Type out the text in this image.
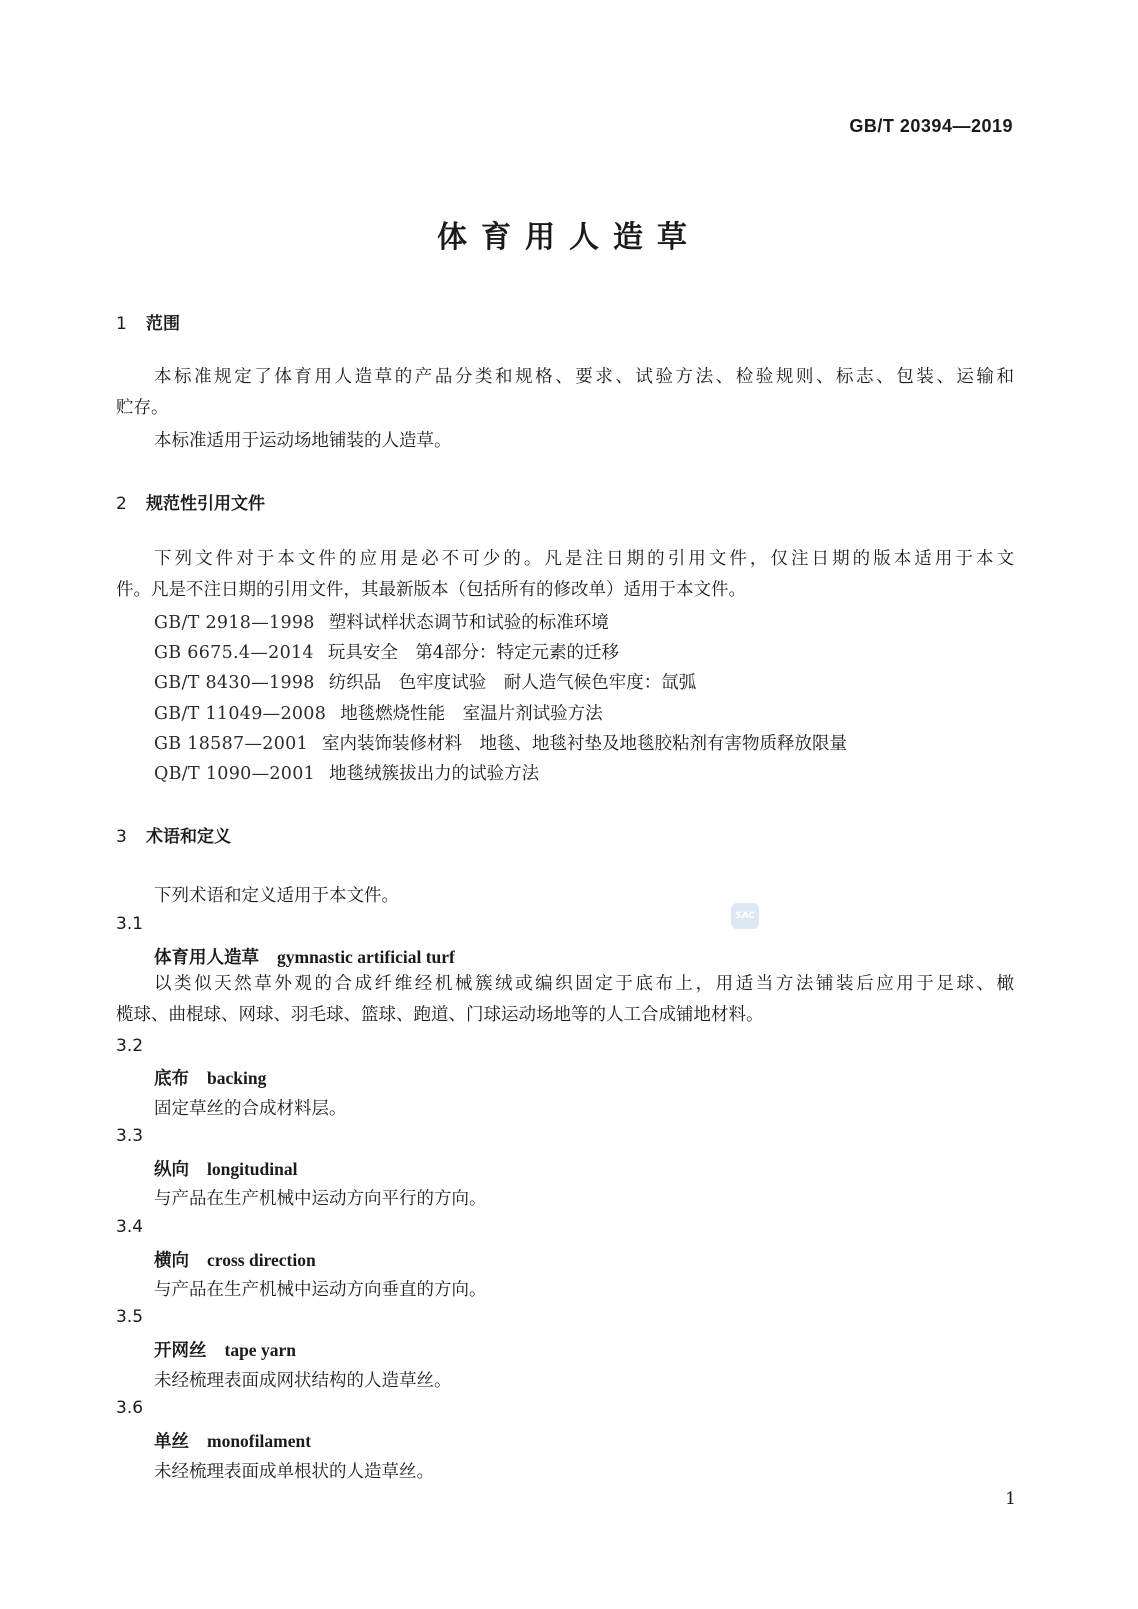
GB/T 20394—2019
体育用人造草
1 范围
本标准规定了体育用人造草的产品分类和规格、要求、试验方法、检验规则、标志、包装、运输和
贮存。
本标准适用于运动场地铺装的人造草。
2 规范性引用文件
下列文件对于本文件的应用是必不可少的。凡是注日期的引用文件，仅注日期的版本适用于本文
件。凡是不注日期的引用文件，其最新版本（包括所有的修改单）适用于本文件。
GB/T 2918—1998 塑料试样状态调节和试验的标准环境
GB 6675.4—2014 玩具安全　第4部分：特定元素的迁移
GB/T 8430—1998 纺织品　色牢度试验　耐人造气候色牢度：氙弧
GB/T 11049—2008 地毯燃烧性能　室温片剂试验方法
GB 18587—2001 室内装饰装修材料　地毯、地毯衬垫及地毯胶粘剂有害物质释放限量
QB/T 1090—2001 地毯绒簇拔出力的试验方法
3 术语和定义
下列术语和定义适用于本文件。
SAC
3.1
体育用人造草 gymnastic artificial turf
以类似天然草外观的合成纤维经机械簇绒或编织固定于底布上，用适当方法铺装后应用于足球、橄
榄球、曲棍球、网球、羽毛球、篮球、跑道、门球运动场地等的人工合成铺地材料。
3.2
底布 backing
固定草丝的合成材料层。
3.3
纵向 longitudinal
与产品在生产机械中运动方向平行的方向。
3.4
横向 cross direction
与产品在生产机械中运动方向垂直的方向。
3.5
开网丝 tape yarn
未经梳理表面成网状结构的人造草丝。
3.6
单丝 monofilament
未经梳理表面成单根状的人造草丝。
1
